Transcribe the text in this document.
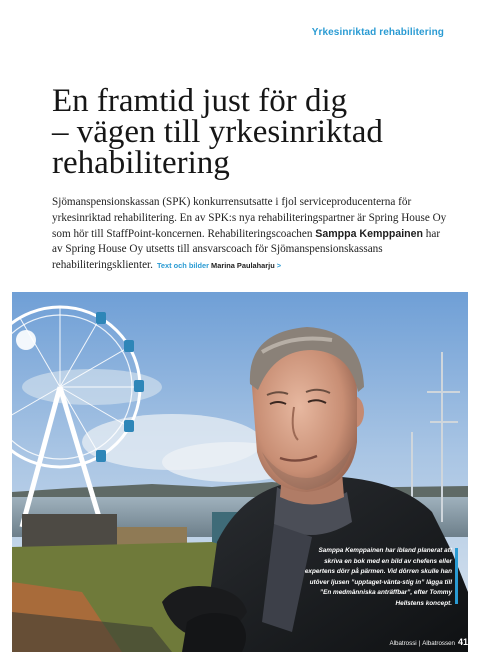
Yrkesinriktad rehabilitering
En framtid just för dig
– vägen till yrkesinriktad
rehabilitering

Sjömanspensionskassan (SPK) konkurrensutsatte i fjol serviceproducenterna för yrkesinriktad rehabilitering. En av SPK:s nya rehabiliteringspartner är Spring House Oy som hör till StaffPoint-koncernen. Rehabiliteringscoachen Samppa Kemppainen har av Spring House Oy utsetts till ansvarscoach för Sjömanspensionskassans rehabiliteringsklienter. Text och bilder Marina Paulaharju >

Samppa Kemppainen har ibland planerat att skriva en bok med en bild av chefens eller expertens dörr på pärmen. Vid dörren skulle han utöver ljusen ”upptaget-vänta-stig in” lägga till ”En medmänniska anträffbar”, efter Tommy Hellstens koncept.
Albatrossi | Albatrossen 41
